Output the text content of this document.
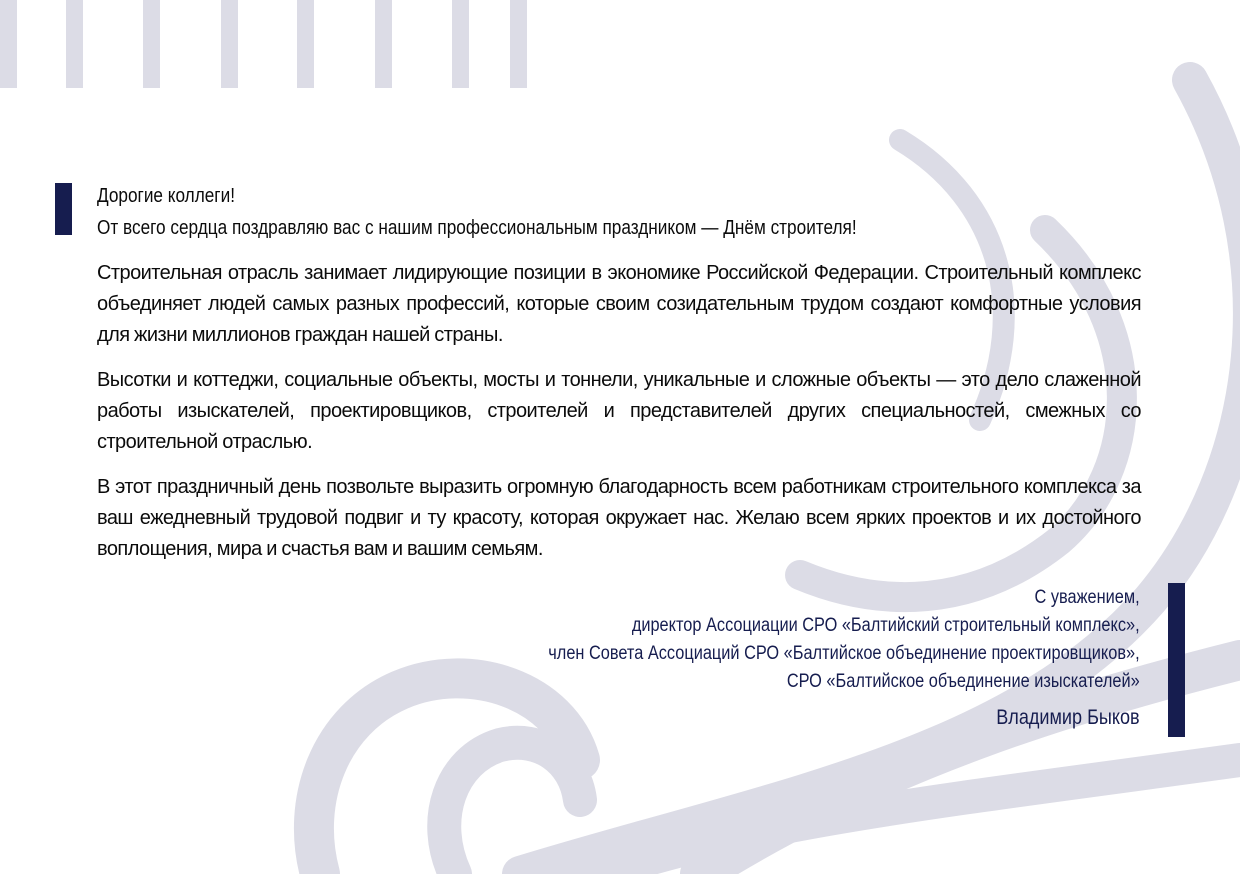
Дорогие коллеги!

От всего сердца поздравляю вас с нашим профессиональным праздником — Днём строителя!

Строительная отрасль занимает лидирующие позиции в экономике Российской Федерации. Строительный комплекс объединяет людей самых разных профессий, которые своим созидательным трудом создают комфортные условия для жизни миллионов граждан нашей страны.

Высотки и коттеджи, социальные объекты, мосты и тоннели, уникальные и сложные объекты — это дело слаженной работы изыскателей, проектировщиков, строителей и представителей других специальностей, смежных со строительной отраслью.

В этот праздничный день позвольте выразить огромную благодарность всем работникам строительного комплекса за ваш ежедневный трудовой подвиг и ту красоту, которая окружает нас. Желаю всем ярких проектов и их достойного воплощения, мира и счастья вам и вашим семьям.

С уважением,

директор Ассоциации СРО «Балтийский строительный комплекс»,

член Совета Ассоциаций СРО «Балтийское объединение проектировщиков»,

СРО «Балтийское объединение изыскателей»

Владимир Быков
